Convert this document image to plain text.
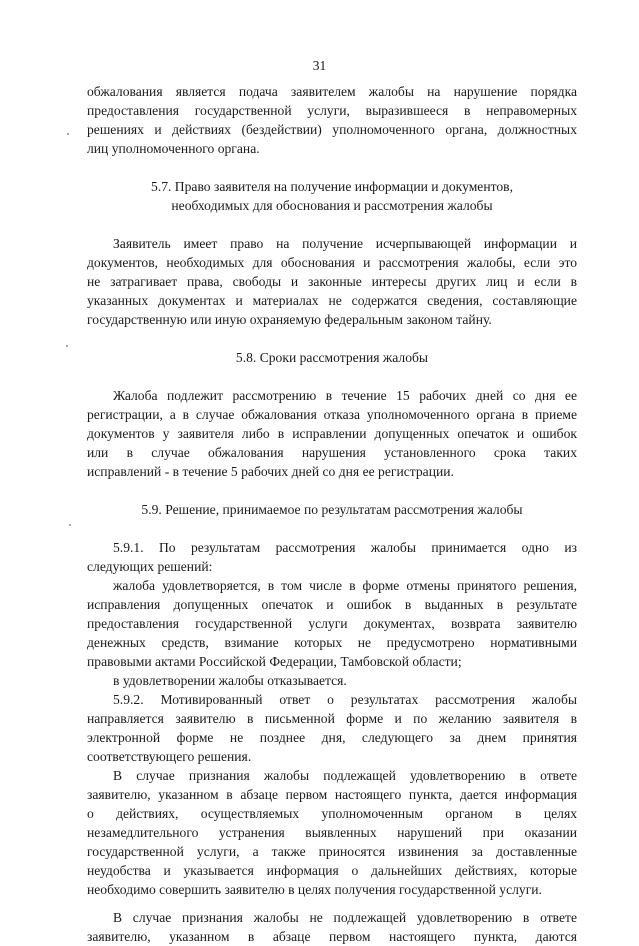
31
обжалования является подача заявителем жалобы на нарушение порядка
предоставления государственной услуги, выразившееся в неправомерных
решениях и действиях (бездействии) уполномоченного органа, должностных
лиц уполномоченного органа.
5.7. Право заявителя на получение информации и документов,
необходимых для обоснования и рассмотрения жалобы
Заявитель имеет право на получение исчерпывающей информации и
документов, необходимых для обоснования и рассмотрения жалобы, если это
не затрагивает права, свободы и законные интересы других лиц и если в
указанных документах и материалах не содержатся сведения, составляющие
государственную или иную охраняемую федеральным законом тайну.
5.8. Сроки рассмотрения жалобы
Жалоба подлежит рассмотрению в течение 15 рабочих дней со дня ее
регистрации, а в случае обжалования отказа уполномоченного органа в приеме
документов у заявителя либо в исправлении допущенных опечаток и ошибок
или в случае обжалования нарушения установленного срока таких
исправлений - в течение 5 рабочих дней со дня ее регистрации.
5.9. Решение, принимаемое по результатам рассмотрения жалобы
5.9.1. По результатам рассмотрения жалобы принимается одно из
следующих решений:
жалоба удовлетворяется, в том числе в форме отмены принятого решения,
исправления допущенных опечаток и ошибок в выданных в результате
предоставления государственной услуги документах, возврата заявителю
денежных средств, взимание которых не предусмотрено нормативными
правовыми актами Российской Федерации, Тамбовской области;
в удовлетворении жалобы отказывается.
5.9.2. Мотивированный ответ о результатах рассмотрения жалобы
направляется заявителю в письменной форме и по желанию заявителя в
электронной форме не позднее дня, следующего за днем принятия
соответствующего решения.
В случае признания жалобы подлежащей удовлетворению в ответе
заявителю, указанном в абзаце первом настоящего пункта, дается информация
о действиях, осуществляемых уполномоченным органом в целях
незамедлительного устранения выявленных нарушений при оказании
государственной услуги, а также приносятся извинения за доставленные
неудобства и указывается информация о дальнейших действиях, которые
необходимо совершить заявителю в целях получения государственной услуги.
В случае признания жалобы не подлежащей удовлетворению в ответе
заявителю, указанном в абзаце первом настоящего пункта, даются
